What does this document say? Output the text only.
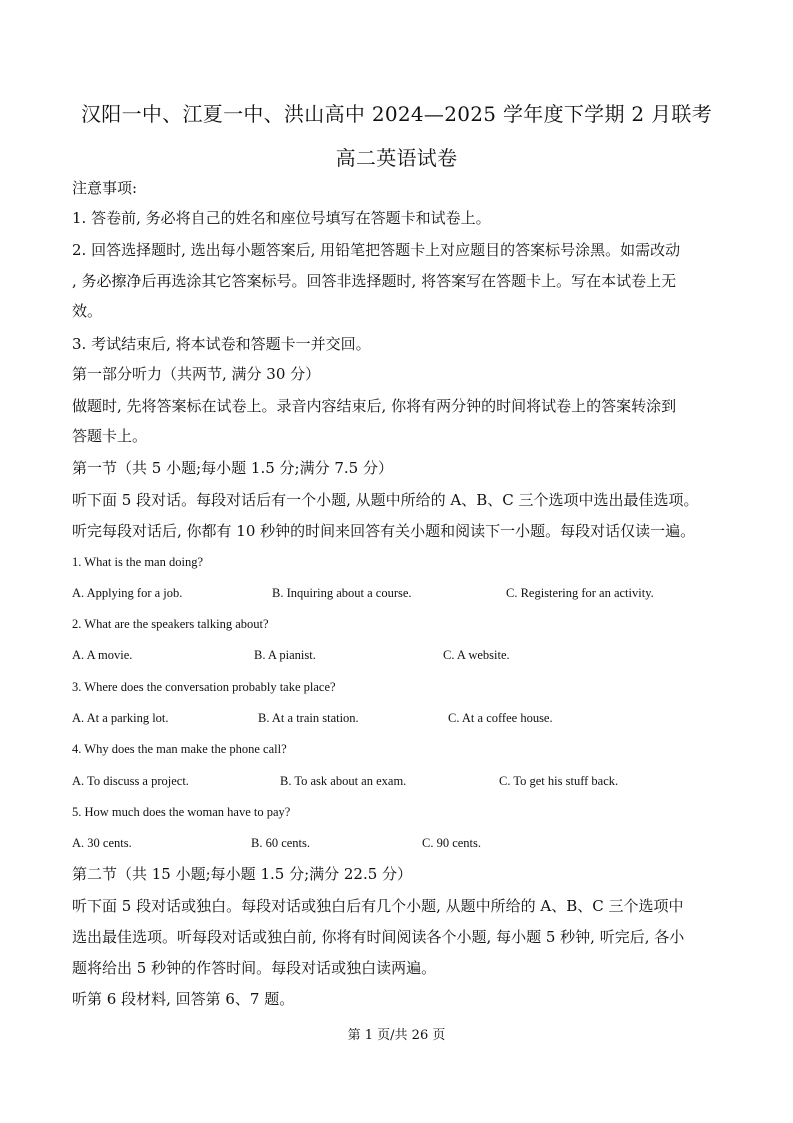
汉阳一中、江夏一中、洪山高中 2024—2025 学年度下学期 2 月联考
高二英语试卷
注意事项:
1. 答卷前, 务必将自己的姓名和座位号填写在答题卡和试卷上。
2. 回答选择题时, 选出每小题答案后, 用铅笔把答题卡上对应题目的答案标号涂黑。如需改动
, 务必擦净后再选涂其它答案标号。回答非选择题时, 将答案写在答题卡上。写在本试卷上无
效。
3. 考试结束后, 将本试卷和答题卡一并交回。
第一部分听力（共两节, 满分 30 分）
做题时, 先将答案标在试卷上。录音内容结束后, 你将有两分钟的时间将试卷上的答案转涂到
答题卡上。
第一节（共 5 小题;每小题 1.5 分;满分 7.5 分）
听下面 5 段对话。每段对话后有一个小题, 从题中所给的 A、B、C 三个选项中选出最佳选项。
听完每段对话后, 你都有 10 秒钟的时间来回答有关小题和阅读下一小题。每段对话仅读一遍。
1. What is the man doing?
A. Applying for a job.	B. Inquiring about a course.	C. Registering for an activity.
2. What are the speakers talking about?
A. A movie.	B. A pianist.	C. A website.
3. Where does the conversation probably take place?
A. At a parking lot.	B. At a train station.	C. At a coffee house.
4. Why does the man make the phone call?
A. To discuss a project.	B. To ask about an exam.	C. To get his stuff back.
5. How much does the woman have to pay?
A. 30 cents.	B. 60 cents.	C. 90 cents.
第二节（共 15 小题;每小题 1.5 分;满分 22.5 分）
听下面 5 段对话或独白。每段对话或独白后有几个小题, 从题中所给的 A、B、C 三个选项中
选出最佳选项。听每段对话或独白前, 你将有时间阅读各个小题, 每小题 5 秒钟, 听完后, 各小
题将给出 5 秒钟的作答时间。每段对话或独白读两遍。
听第 6 段材料, 回答第 6、7 题。
第 1 页/共 26 页
